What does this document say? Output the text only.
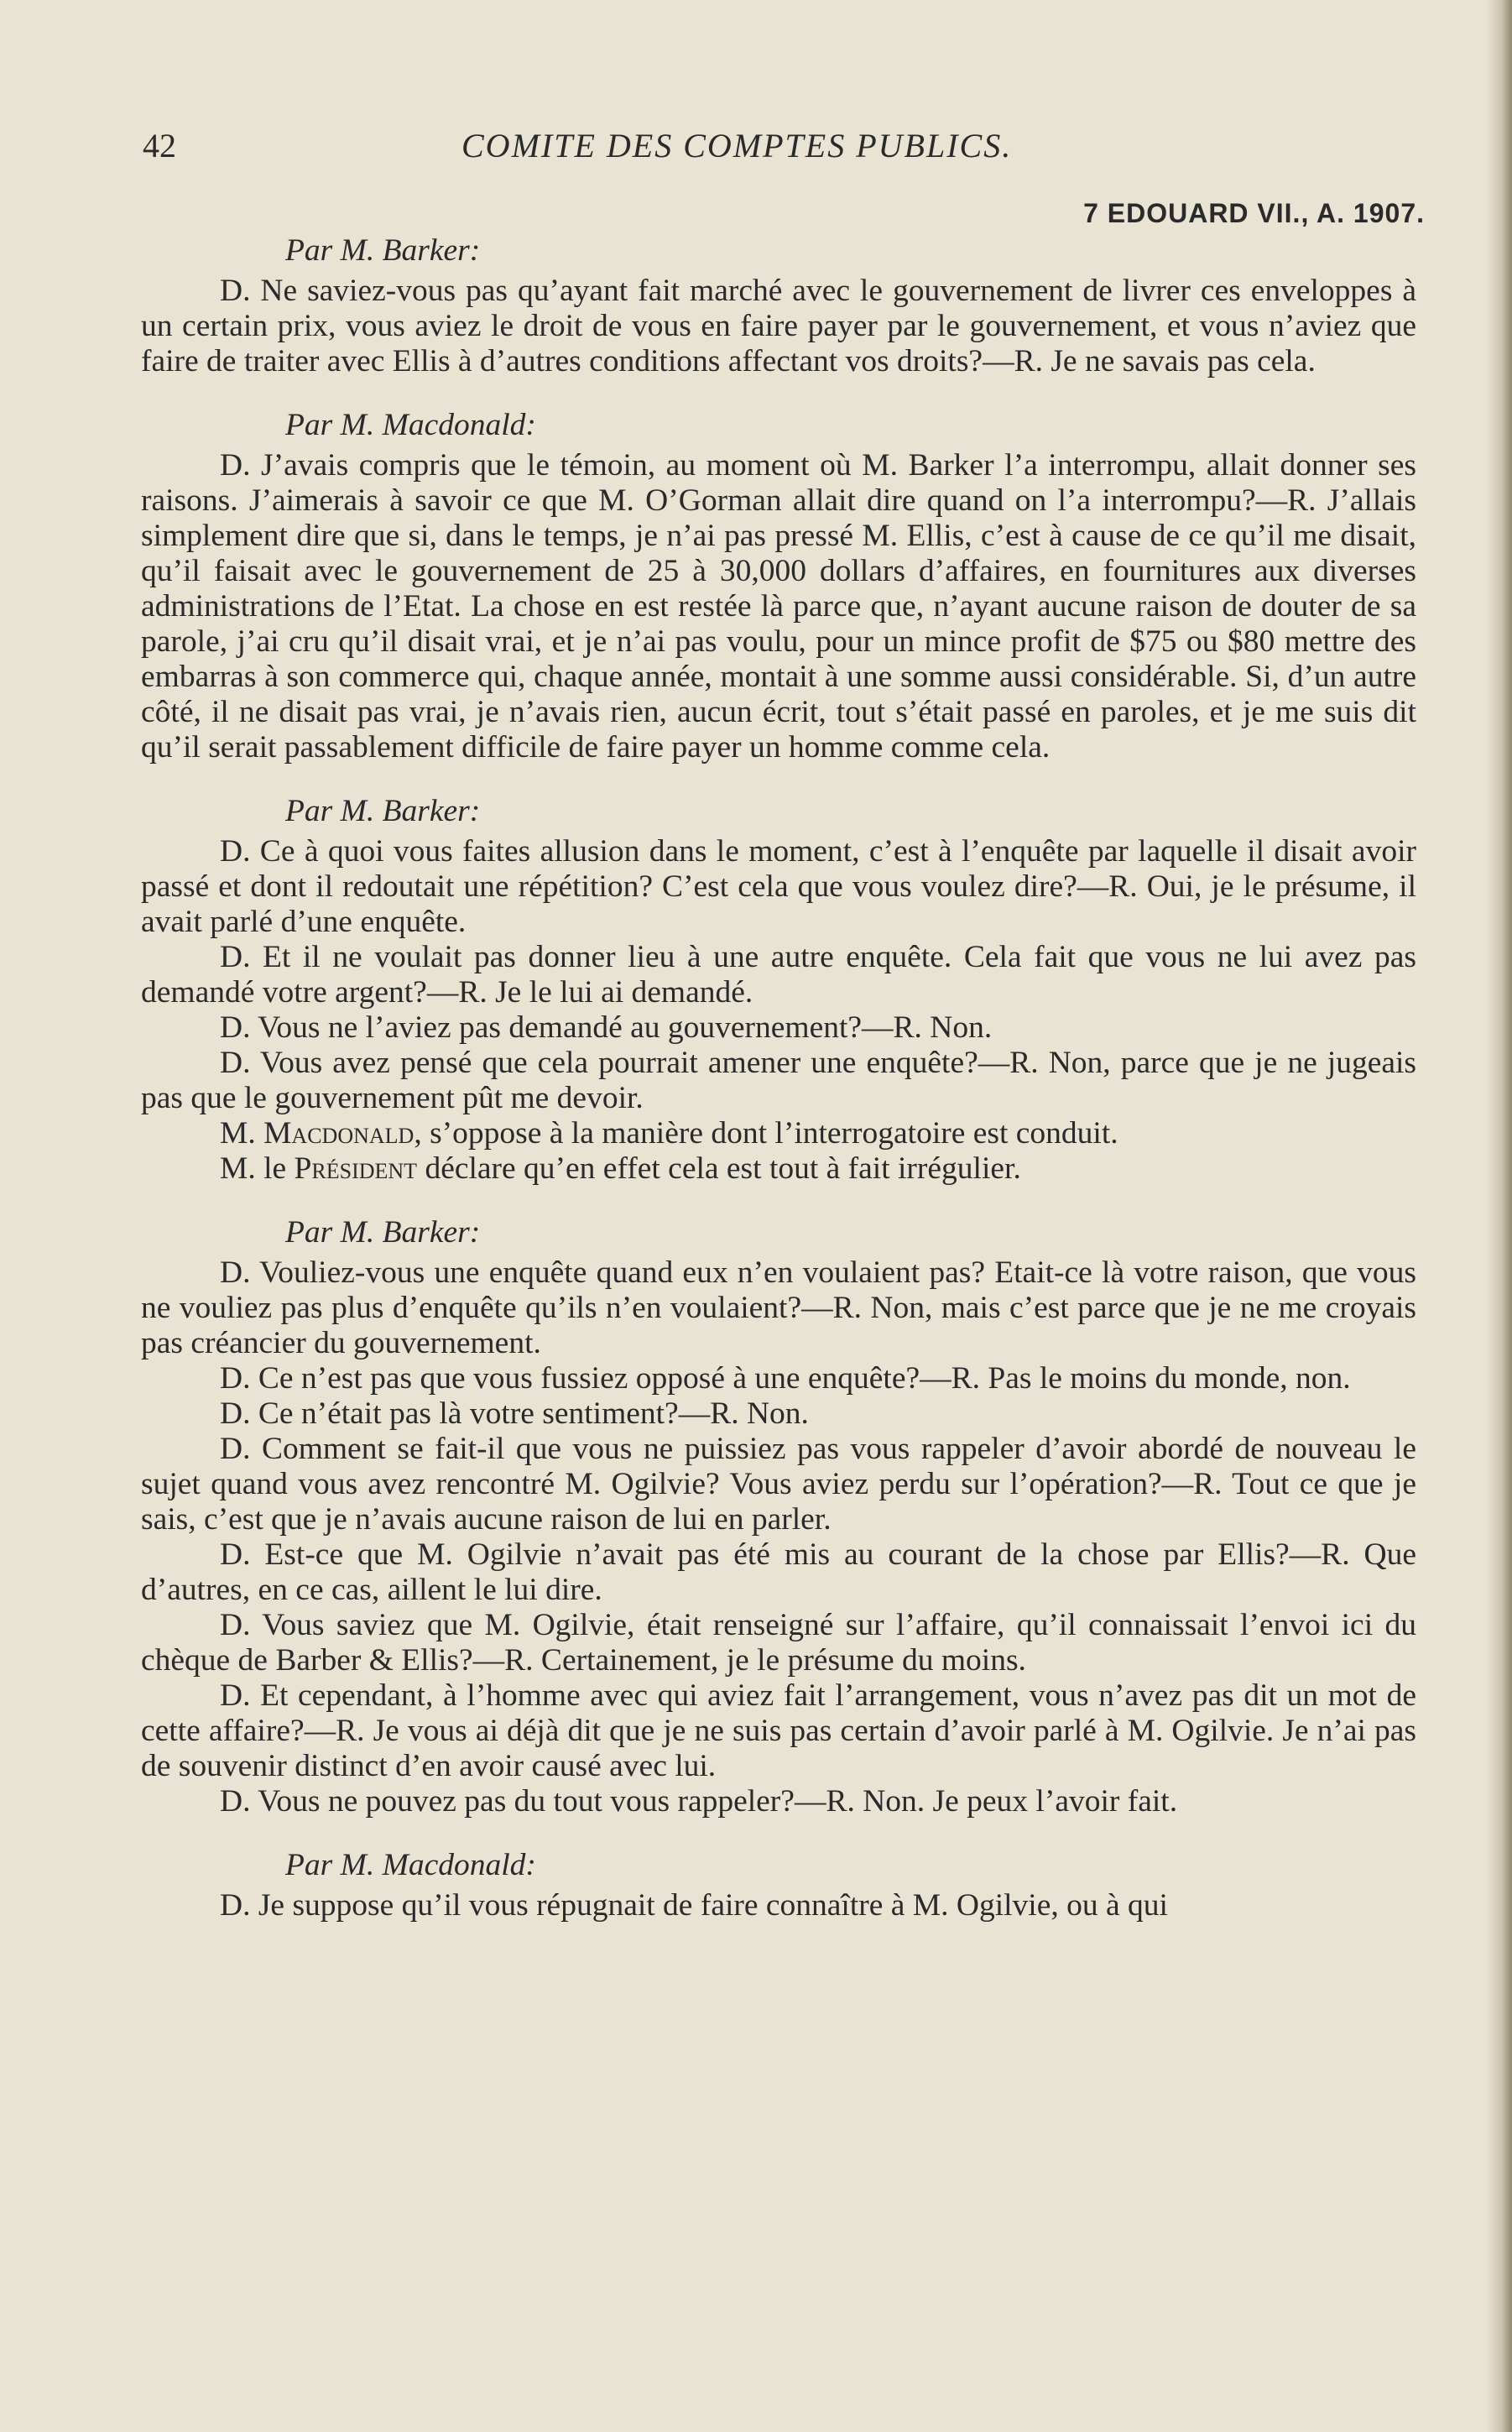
42	COMITE DES COMPTES PUBLICS.
7 EDOUARD VII., A. 1907.

Par M. Barker:

D. Ne saviez-vous pas qu’ayant fait marché avec le gouvernement de livrer ces enveloppes à un certain prix, vous aviez le droit de vous en faire payer par le gouvernement, et vous n’aviez que faire de traiter avec Ellis à d’autres conditions affectant vos droits?—R. Je ne savais pas cela.

Par M. Macdonald:

D. J’avais compris que le témoin, au moment où M. Barker l’a interrompu, allait donner ses raisons. J’aimerais à savoir ce que M. O’Gorman allait dire quand on l’a interrompu?—R. J’allais simplement dire que si, dans le temps, je n’ai pas pressé M. Ellis, c’est à cause de ce qu’il me disait, qu’il faisait avec le gouvernement de 25 à 30,000 dollars d’affaires, en fournitures aux diverses administrations de l’Etat. La chose en est restée là parce que, n’ayant aucune raison de douter de sa parole, j’ai cru qu’il disait vrai, et je n’ai pas voulu, pour un mince profit de $75 ou $80 mettre des embarras à son commerce qui, chaque année, montait à une somme aussi considérable. Si, d’un autre côté, il ne disait pas vrai, je n’avais rien, aucun écrit, tout s’était passé en paroles, et je me suis dit qu’il serait passablement difficile de faire payer un homme comme cela.

Par M. Barker:

D. Ce à quoi vous faites allusion dans le moment, c’est à l’enquête par laquelle il disait avoir passé et dont il redoutait une répétition? C’est cela que vous voulez dire?—R. Oui, je le présume, il avait parlé d’une enquête.

D. Et il ne voulait pas donner lieu à une autre enquête. Cela fait que vous ne lui avez pas demandé votre argent?—R. Je le lui ai demandé.

D. Vous ne l’aviez pas demandé au gouvernement?—R. Non.

D. Vous avez pensé que cela pourrait amener une enquête?—R. Non, parce que je ne jugeais pas que le gouvernement pût me devoir.

M. Macdonald, s’oppose à la manière dont l’interrogatoire est conduit.

M. le Président déclare qu’en effet cela est tout à fait irrégulier.

Par M. Barker:

D. Vouliez-vous une enquête quand eux n’en voulaient pas? Etait-ce là votre raison, que vous ne vouliez pas plus d’enquête qu’ils n’en voulaient?—R. Non, mais c’est parce que je ne me croyais pas créancier du gouvernement.

D. Ce n’est pas que vous fussiez opposé à une enquête?—R. Pas le moins du monde, non.

D. Ce n’était pas là votre sentiment?—R. Non.

D. Comment se fait-il que vous ne puissiez pas vous rappeler d’avoir abordé de nouveau le sujet quand vous avez rencontré M. Ogilvie? Vous aviez perdu sur l’opération?—R. Tout ce que je sais, c’est que je n’avais aucune raison de lui en parler.

D. Est-ce que M. Ogilvie n’avait pas été mis au courant de la chose par Ellis?—R. Que d’autres, en ce cas, aillent le lui dire.

D. Vous saviez que M. Ogilvie, était renseigné sur l’affaire, qu’il connaissait l’envoi ici du chèque de Barber & Ellis?—R. Certainement, je le présume du moins.

D. Et cependant, à l’homme avec qui aviez fait l’arrangement, vous n’avez pas dit un mot de cette affaire?—R. Je vous ai déjà dit que je ne suis pas certain d’avoir parlé à M. Ogilvie. Je n’ai pas de souvenir distinct d’en avoir causé avec lui.

D. Vous ne pouvez pas du tout vous rappeler?—R. Non. Je peux l’avoir fait.

Par M. Macdonald:

D. Je suppose qu’il vous répugnait de faire connaître à M. Ogilvie, ou à qui
